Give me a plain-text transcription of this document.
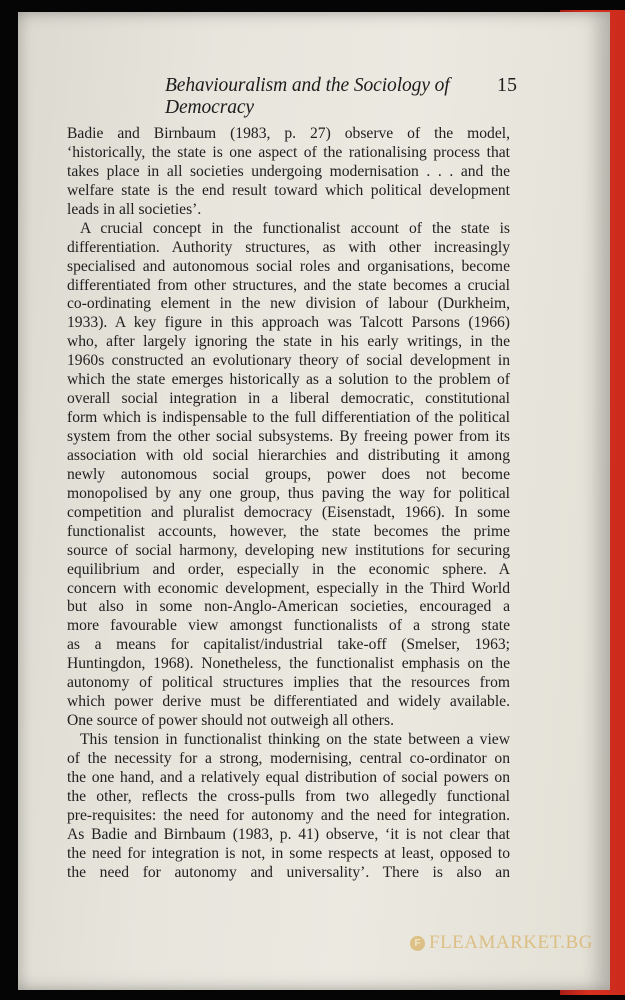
Behaviouralism and the Sociology of Democracy
15
Badie and Birnbaum (1983, p. 27) observe of the model,
‘historically, the state is one aspect of the rationalising process that
takes place in all societies undergoing modernisation . . . and the
welfare state is the end result toward which political development
leads in all societies’.
A crucial concept in the functionalist account of the state is
differentiation. Authority structures, as with other increasingly
specialised and autonomous social roles and organisations, become
differentiated from other structures, and the state becomes a crucial
co-ordinating element in the new division of labour (Durkheim,
1933). A key figure in this approach was Talcott Parsons (1966)
who, after largely ignoring the state in his early writings, in the
1960s constructed an evolutionary theory of social development in
which the state emerges historically as a solution to the problem of
overall social integration in a liberal democratic, constitutional
form which is indispensable to the full differentiation of the political
system from the other social subsystems. By freeing power from its
association with old social hierarchies and distributing it among
newly autonomous social groups, power does not become
monopolised by any one group, thus paving the way for political
competition and pluralist democracy (Eisenstadt, 1966). In some
functionalist accounts, however, the state becomes the prime
source of social harmony, developing new institutions for securing
equilibrium and order, especially in the economic sphere. A
concern with economic development, especially in the Third World
but also in some non-Anglo-American societies, encouraged a
more favourable view amongst functionalists of a strong state
as a means for capitalist/industrial take-off (Smelser, 1963;
Huntingdon, 1968). Nonetheless, the functionalist emphasis on the
autonomy of political structures implies that the resources from
which power derive must be differentiated and widely available.
One source of power should not outweigh all others.
This tension in functionalist thinking on the state between a view
of the necessity for a strong, modernising, central co-ordinator on
the one hand, and a relatively equal distribution of social powers on
the other, reflects the cross-pulls from two allegedly functional
pre-requisites: the need for autonomy and the need for integration.
As Badie and Birnbaum (1983, p. 41) observe, ‘it is not clear that
the need for integration is not, in some respects at least, opposed to
the need for autonomy and universality’. There is also an
F FLEAMARKET.BG
